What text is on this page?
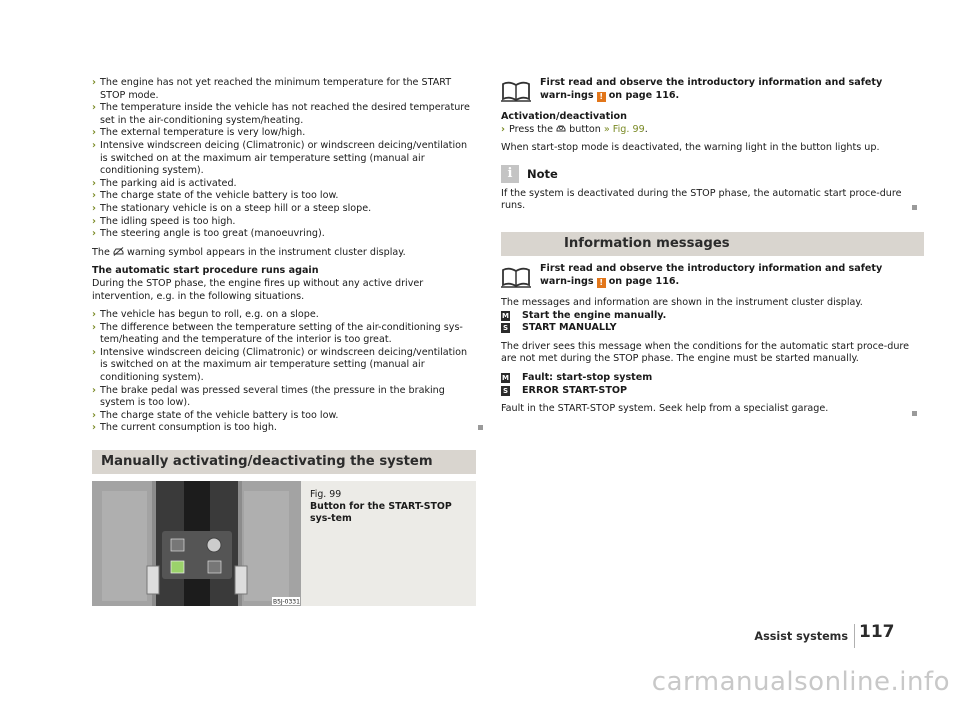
› The engine has not yet reached the minimum temperature for the START STOP mode.
› The temperature inside the vehicle has not reached the desired temperature set in the air-conditioning system/heating.
› The external temperature is very low/high.
› Intensive windscreen deicing (Climatronic) or windscreen deicing/ventilation is switched on at the maximum air temperature setting (manual air conditioning system).
› The parking aid is activated.
› The charge state of the vehicle battery is too low.
› The stationary vehicle is on a steep hill or a steep slope.
› The idling speed is too high.
› The steering angle is too great (manoeuvring).

The warning symbol appears in the instrument cluster display.

The automatic start procedure runs again

During the STOP phase, the engine fires up without any active driver intervention, e.g. in the following situations.

› The vehicle has begun to roll, e.g. on a slope.
› The difference between the temperature setting of the air-conditioning sys-tem/heating and the temperature of the interior is too great.
› Intensive windscreen deicing (Climatronic) or windscreen deicing/ventilation is switched on at the maximum air temperature setting (manual air conditioning system).
› The brake pedal was pressed several times (the pressure in the braking system is too low).
› The charge state of the vehicle battery is too low.
› The current consumption is too high.
Manually activating/deactivating the system
B5J-0331
Fig. 99
Button for the START-STOP sys-tem
First read and observe the introductory information and safety warn-ings ! on page 116.

Activation/deactivation

› Press the button » Fig. 99.

When start-stop mode is deactivated, the warning light in the button lights up.

i	Note

If the system is deactivated during the STOP phase, the automatic start proce-dure runs.

Information messages
First read and observe the introductory information and safety warn-ings ! on page 116.

The messages and information are shown in the instrument cluster display.

M Start the engine manually.
S START MANUALLY

The driver sees this message when the conditions for the automatic start proce-dure are not met during the STOP phase. The engine must be started manually.

M Fault: start-stop system
S ERROR START-STOP

Fault in the START-STOP system. Seek help from a specialist garage.

Assist systems 117
carmanualsonline.info
